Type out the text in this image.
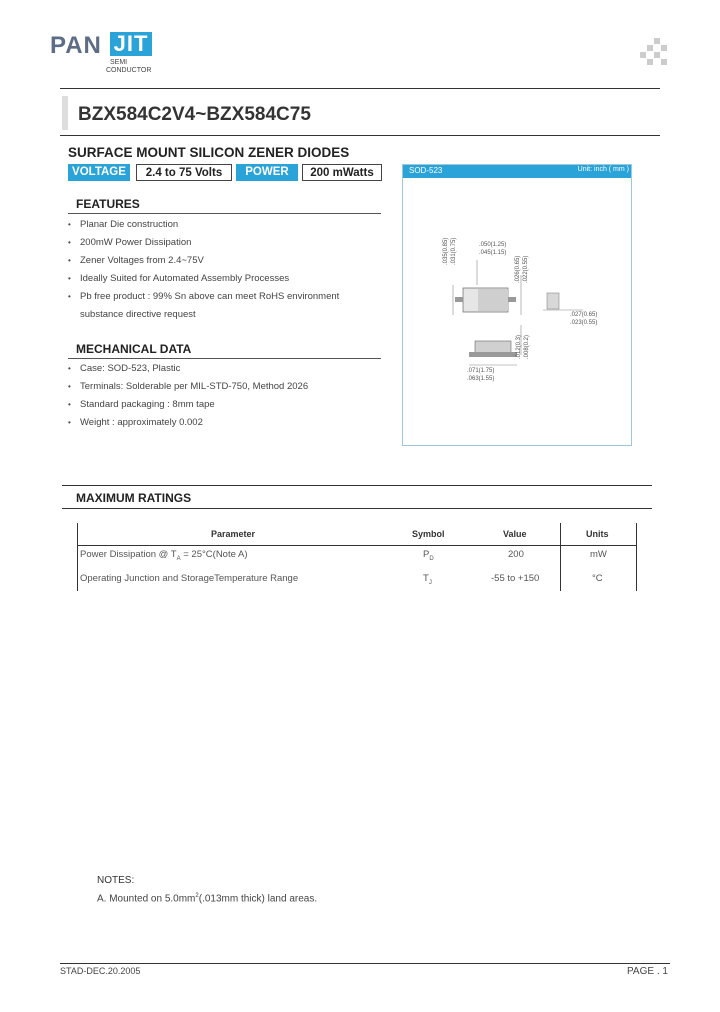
PAN JIT
SEMI
CONDUCTOR
BZX584C2V4~BZX584C75
SURFACE MOUNT SILICON ZENER DIODES
VOLTAGE	2.4 to 75 Volts	POWER	200 mWatts
FEATURES
• Planar Die construction
• 200mW Power Dissipation
• Zener Voltages from 2.4~75V
• Ideally Suited for Automated Assembly Processes
• Pb free product : 99% Sn above can meet RoHS environment
substance directive request
MECHANICAL DATA
• Case: SOD-523, Plastic
• Terminals: Solderable per MIL-STD-750, Method 2026
• Standard packaging : 8mm tape
• Weight : approximately 0.002
SOD-523	Unit: inch ( mm )
.050(1.25)
.045(1.15)
.035(0.85) .031(0.75)
.026(0.65) .022(0.55)
.027(0.65)
.023(0.55)
.071(1.75)
.063(1.55)
.012(0.3) .008(0.2)
MAXIMUM RATINGS
Parameter	Symbol	Value	Units
Power Dissipation @ $T_A$ = 25°C(Note A)	$P_D$	200	mW
Operating Junction and StorageTemperature Range	$T_J$	-55 to +150	°C
NOTES:
A. Mounted on $5.0mm^2(.013mm$ thick) land areas.
STAD-DEC.20.2005	PAGE . 1
